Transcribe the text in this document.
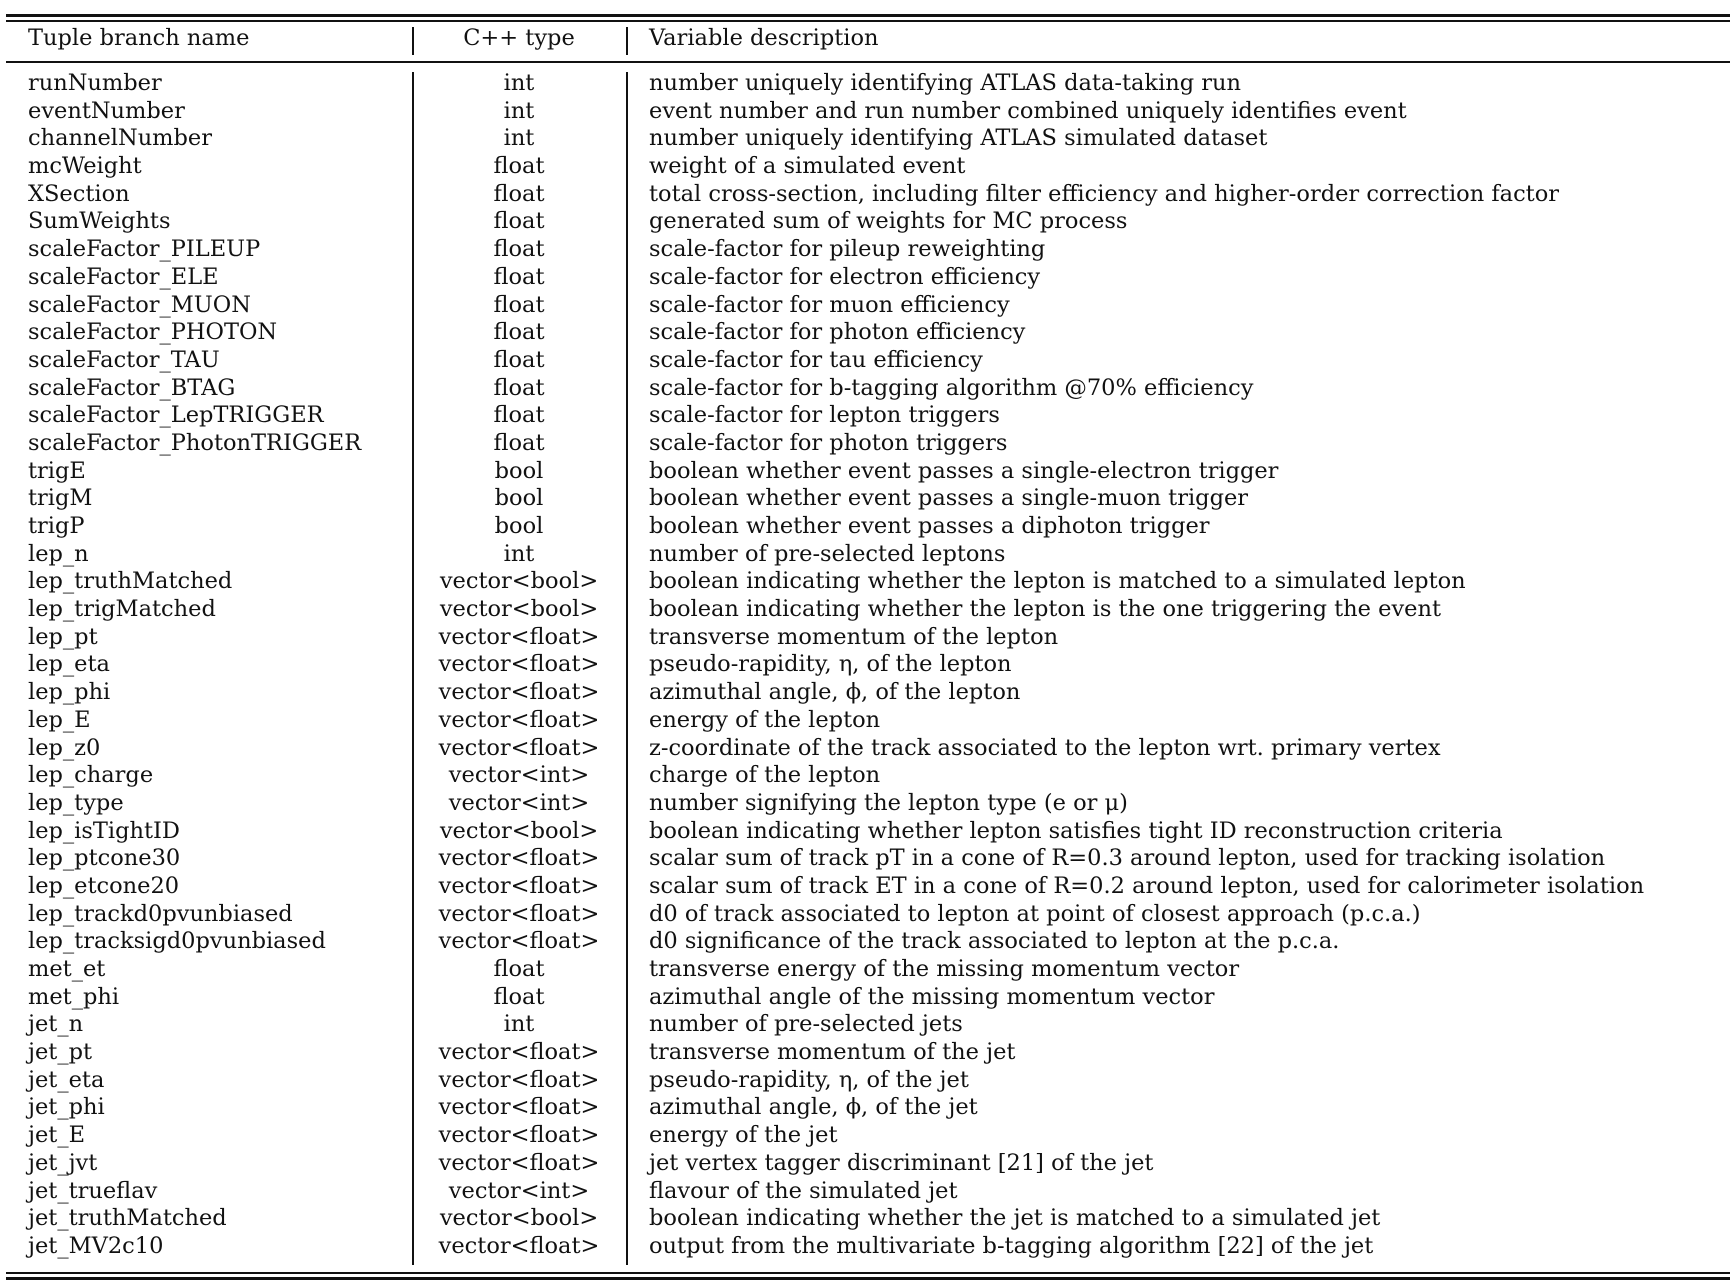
Tuple branch name	C++ type	Variable description
runNumber	int	number uniquely identifying ATLAS data-taking run
eventNumber	int	event number and run number combined uniquely identifies event
channelNumber	int	number uniquely identifying ATLAS simulated dataset
mcWeight	float	weight of a simulated event
XSection	float	total cross-section, including filter efficiency and higher-order correction factor
SumWeights	float	generated sum of weights for MC process
scaleFactor_PILEUP	float	scale-factor for pileup reweighting
scaleFactor_ELE	float	scale-factor for electron efficiency
scaleFactor_MUON	float	scale-factor for muon efficiency
scaleFactor_PHOTON	float	scale-factor for photon efficiency
scaleFactor_TAU	float	scale-factor for tau efficiency
scaleFactor_BTAG	float	scale-factor for b-tagging algorithm @70% efficiency
scaleFactor_LepTRIGGER	float	scale-factor for lepton triggers
scaleFactor_PhotonTRIGGER	float	scale-factor for photon triggers
trigE	bool	boolean whether event passes a single-electron trigger
trigM	bool	boolean whether event passes a single-muon trigger
trigP	bool	boolean whether event passes a diphoton trigger
lep_n	int	number of pre-selected leptons
lep_truthMatched	vector<bool>	boolean indicating whether the lepton is matched to a simulated lepton
lep_trigMatched	vector<bool>	boolean indicating whether the lepton is the one triggering the event
lep_pt	vector<float>	transverse momentum of the lepton
lep_eta	vector<float>	pseudo-rapidity, η, of the lepton
lep_phi	vector<float>	azimuthal angle, ϕ, of the lepton
lep_E	vector<float>	energy of the lepton
lep_z0	vector<float>	z-coordinate of the track associated to the lepton wrt. primary vertex
lep_charge	vector<int>	charge of the lepton
lep_type	vector<int>	number signifying the lepton type (e or μ)
lep_isTightID	vector<bool>	boolean indicating whether lepton satisfies tight ID reconstruction criteria
lep_ptcone30	vector<float>	scalar sum of track pT in a cone of R=0.3 around lepton, used for tracking isolation
lep_etcone20	vector<float>	scalar sum of track ET in a cone of R=0.2 around lepton, used for calorimeter isolation
lep_trackd0pvunbiased	vector<float>	d0 of track associated to lepton at point of closest approach (p.c.a.)
lep_tracksigd0pvunbiased	vector<float>	d0 significance of the track associated to lepton at the p.c.a.
met_et	float	transverse energy of the missing momentum vector
met_phi	float	azimuthal angle of the missing momentum vector
jet_n	int	number of pre-selected jets
jet_pt	vector<float>	transverse momentum of the jet
jet_eta	vector<float>	pseudo-rapidity, η, of the jet
jet_phi	vector<float>	azimuthal angle, ϕ, of the jet
jet_E	vector<float>	energy of the jet
jet_jvt	vector<float>	jet vertex tagger discriminant [21] of the jet
jet_trueflav	vector<int>	flavour of the simulated jet
jet_truthMatched	vector<bool>	boolean indicating whether the jet is matched to a simulated jet
jet_MV2c10	vector<float>	output from the multivariate b-tagging algorithm [22] of the jet
